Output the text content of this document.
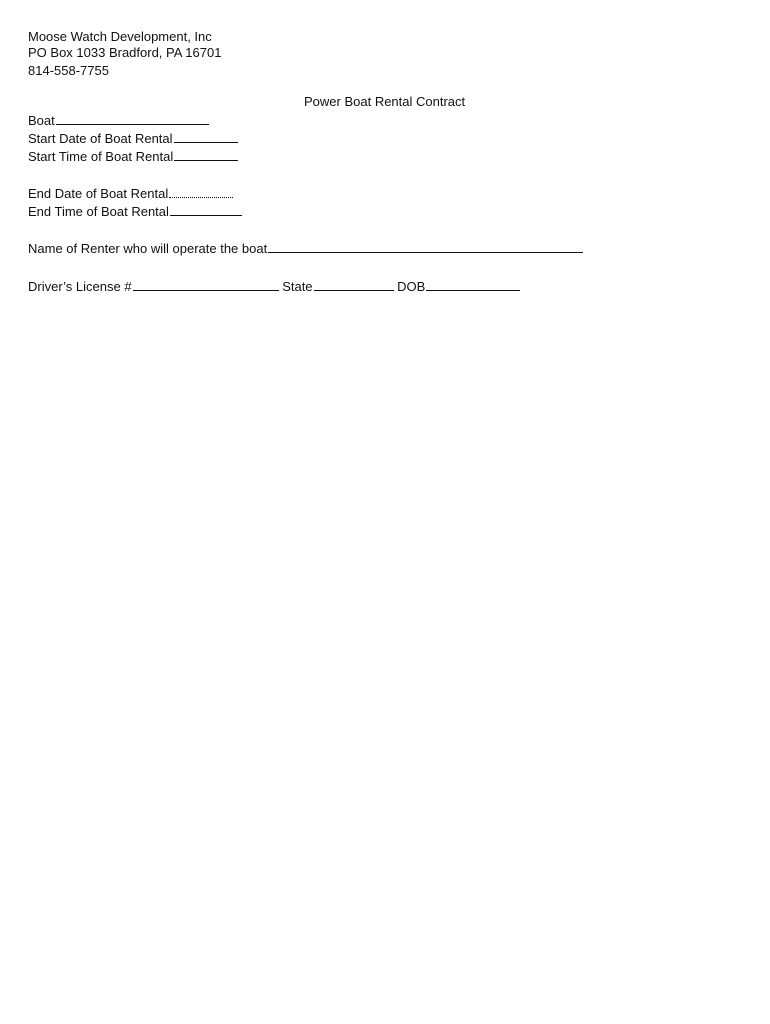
Moose Watch Development, Inc
PO Box 1033 Bradford, PA 16701
814-558-7755
Power Boat Rental Contract
Boat
Start Date of Boat Rental
Start Time of Boat Rental
End Date of Boat Rental
End Time of Boat Rental
Name of Renter who will operate the boat
Driver’s License #	State	DOB
